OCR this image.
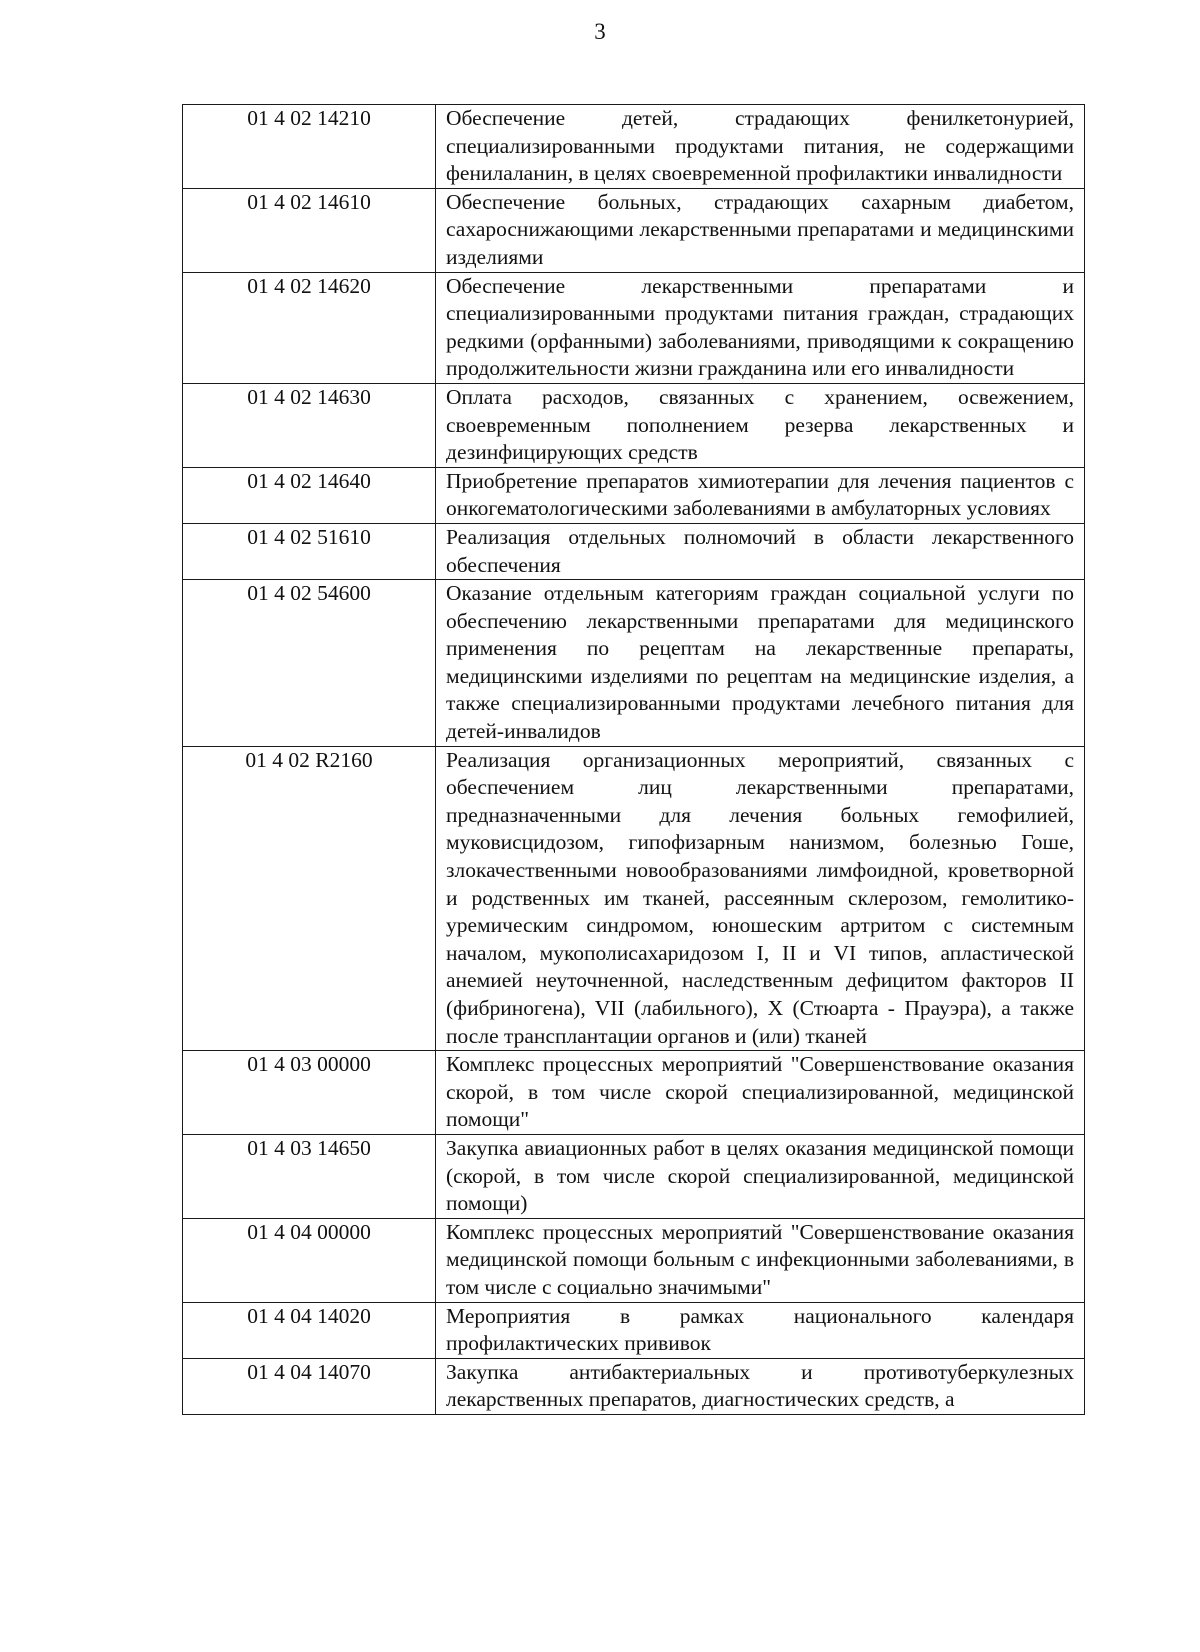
3
01 4 02 14210	Обеспечение детей, страдающих фенилкетонурией, специализированными продуктами питания, не содержащими фенилаланин, в целях своевременной профилактики инвалидности
01 4 02 14610	Обеспечение больных, страдающих сахарным диабетом, сахароснижающими лекарственными препаратами и медицинскими изделиями
01 4 02 14620	Обеспечение лекарственными препаратами и специализированными продуктами питания граждан, страдающих редкими (орфанными) заболеваниями, приводящими к сокращению продолжительности жизни гражданина или его инвалидности
01 4 02 14630	Оплата расходов, связанных с хранением, освежением, своевременным пополнением резерва лекарственных и дезинфицирующих средств
01 4 02 14640	Приобретение препаратов химиотерапии для лечения пациентов с онкогематологическими заболеваниями в амбулаторных условиях
01 4 02 51610	Реализация отдельных полномочий в области лекарственного обеспечения
01 4 02 54600	Оказание отдельным категориям граждан социальной услуги по обеспечению лекарственными препаратами для медицинского применения по рецептам на лекарственные препараты, медицинскими изделиями по рецептам на медицинские изделия, а также специализированными продуктами лечебного питания для детей-инвалидов
01 4 02 R2160	Реализация организационных мероприятий, связанных с обеспечением лиц лекарственными препаратами, предназначенными для лечения больных гемофилией, муковисцидозом, гипофизарным нанизмом, болезнью Гоше, злокачественными новообразованиями лимфоидной, кроветворной и родственных им тканей, рассеянным склерозом, гемолитико-уремическим синдромом, юношеским артритом с системным началом, мукополисахаридозом I, II и VI типов, апластической анемией неуточненной, наследственным дефицитом факторов II (фибриногена), VII (лабильного), X (Стюарта - Прауэра), а также после трансплантации органов и (или) тканей
01 4 03 00000	Комплекс процессных мероприятий "Совершенствование оказания скорой, в том числе скорой специализированной, медицинской помощи"
01 4 03 14650	Закупка авиационных работ в целях оказания медицинской помощи (скорой, в том числе скорой специализированной, медицинской помощи)
01 4 04 00000	Комплекс процессных мероприятий "Совершенствование оказания медицинской помощи больным с инфекционными заболеваниями, в том числе с социально значимыми"
01 4 04 14020	Мероприятия в рамках национального календаря профилактических прививок
01 4 04 14070	Закупка антибактериальных и противотуберкулезных лекарственных препаратов, диагностических средств, а
